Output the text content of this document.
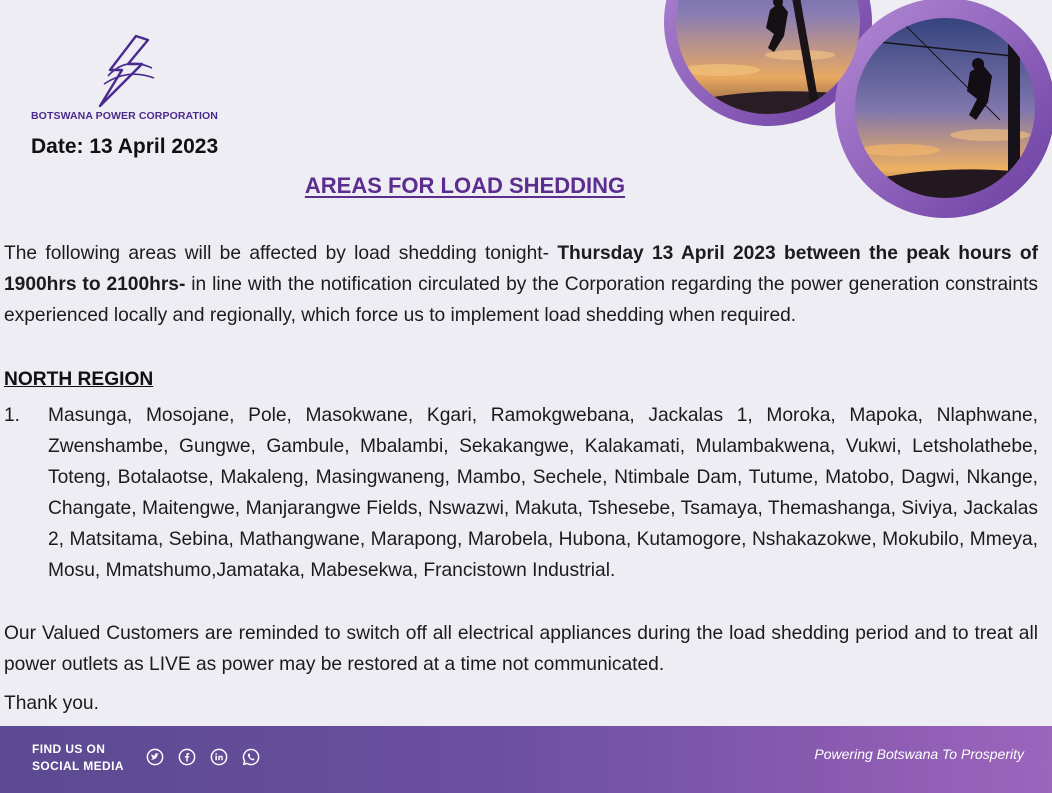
BOTSWANA POWER CORPORATION
Date: 13 April 2023
AREAS FOR LOAD SHEDDING
The following areas will be affected by load shedding tonight- Thursday 13 April 2023 between the peak hours of 1900hrs to 2100hrs- in line with the notification circulated by the Corporation regarding the power generation constraints experienced locally and regionally, which force us to implement load shedding when required.
NORTH REGION
1.	Masunga, Mosojane, Pole, Masokwane, Kgari, Ramokgwebana, Jackalas 1, Moroka, Mapoka, Nlaphwane, Zwenshambe, Gungwe, Gambule, Mbalambi, Sekakangwe, Kalakamati, Mulambakwena, Vukwi, Letsholathebe, Toteng, Botalaotse, Makaleng, Masingwaneng, Mambo, Sechele, Ntimbale Dam, Tutume, Matobo, Dagwi, Nkange, Changate, Maitengwe, Manjarangwe Fields, Nswazwi, Makuta, Tshesebe, Tsamaya, Themashanga, Siviya, Jackalas 2, Matsitama, Sebina, Mathangwane, Marapong, Marobela, Hubona, Kutamogore, Nshakazokwe, Mokubilo, Mmeya, Mosu, Mmatshumo,Jamataka, Mabesekwa, Francistown Industrial.
Our Valued Customers are reminded to switch off all electrical appliances during the load shedding period and to treat all power outlets as LIVE as power may be restored at a time not communicated.
Thank you.
FIND US ON
SOCIAL MEDIA
Powering Botswana To Prosperity
